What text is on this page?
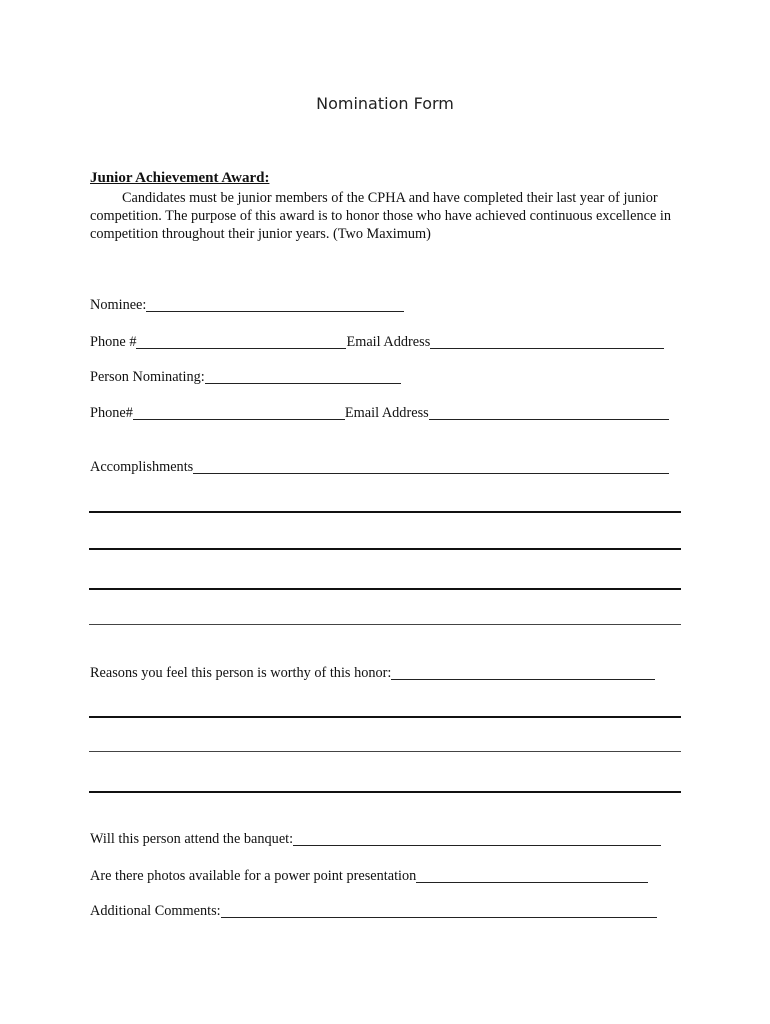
Nomination Form
Junior Achievement Award:
Candidates must be junior members of the CPHA and have completed their last year of junior competition. The purpose of this award is to honor those who have achieved continuous excellence in competition throughout their junior years. (Two Maximum)
Nominee:
Phone #	Email Address
Person Nominating:
Phone#	Email Address
Accomplishments
Reasons you feel this person is worthy of this honor:
Will this person attend the banquet:
Are there photos available for a power point presentation
Additional Comments:
